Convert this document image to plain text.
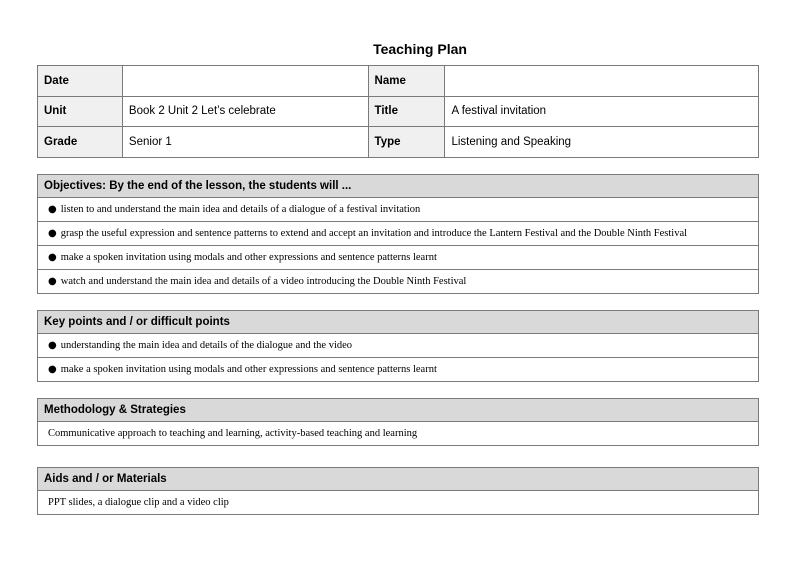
Teaching Plan
Date		Name	
Unit	Book 2 Unit 2 Let’s celebrate	Title	A festival invitation
Grade	Senior 1	Type	Listening and Speaking
Objectives: By the end of the lesson, the students will ...
● listen to and understand the main idea and details of a dialogue of a festival invitation
● grasp the useful expression and sentence patterns to extend and accept an invitation and introduce the Lantern Festival and the Double Ninth Festival
● make a spoken invitation using modals and other expressions and sentence patterns learnt
● watch and understand the main idea and details of a video introducing the Double Ninth Festival
Key points and / or difficult points
● understanding the main idea and details of the dialogue and the video
● make a spoken invitation using modals and other expressions and sentence patterns learnt
Methodology & Strategies
Communicative approach to teaching and learning, activity-based teaching and learning
Aids and / or Materials
PPT slides, a dialogue clip and a video clip
